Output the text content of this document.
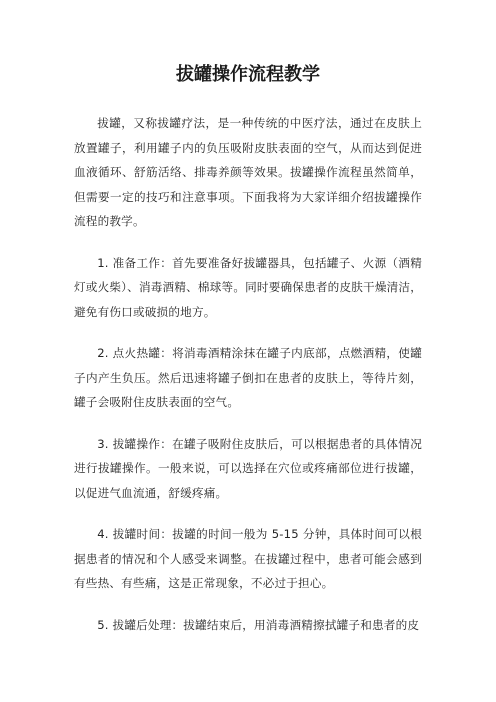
拔罐操作流程教学

拔罐，又称拔罐疗法，是一种传统的中医疗法，通过在皮肤上放置罐子，利用罐子内的负压吸附皮肤表面的空气，从而达到促进血液循环、舒筋活络、排毒养颜等效果。拔罐操作流程虽然简单，但需要一定的技巧和注意事项。下面我将为大家详细介绍拔罐操作流程的教学。

1. 准备工作：首先要准备好拔罐器具，包括罐子、火源（酒精灯或火柴）、消毒酒精、棉球等。同时要确保患者的皮肤干燥清洁，避免有伤口或破损的地方。

2. 点火热罐：将消毒酒精涂抹在罐子内底部，点燃酒精，使罐子内产生负压。然后迅速将罐子倒扣在患者的皮肤上，等待片刻，罐子会吸附住皮肤表面的空气。

3. 拔罐操作：在罐子吸附住皮肤后，可以根据患者的具体情况进行拔罐操作。一般来说，可以选择在穴位或疼痛部位进行拔罐，以促进气血流通，舒缓疼痛。

4. 拔罐时间：拔罐的时间一般为 5-15 分钟，具体时间可以根据患者的情况和个人感受来调整。在拔罐过程中，患者可能会感到有些热、有些痛，这是正常现象，不必过于担心。

5. 拔罐后处理：拔罐结束后，用消毒酒精擦拭罐子和患者的皮
